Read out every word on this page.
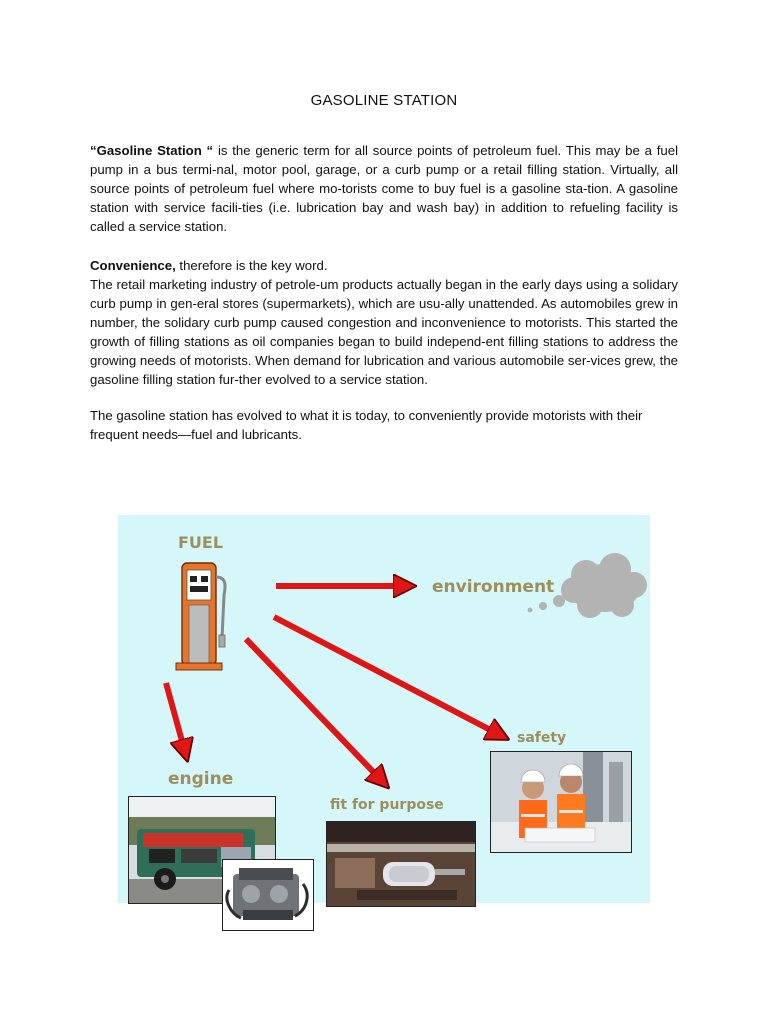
GASOLINE STATION

“Gasoline Station “ is the generic term for all source points of petroleum fuel. This may be a fuel pump in a bus termi-nal, motor pool, garage, or a curb pump or a retail filling station. Virtually, all source points of petroleum fuel where mo-torists come to buy fuel is a gasoline sta-tion. A gasoline station with service facili-ties (i.e. lubrication bay and wash bay) in addition to refueling facility is called a service station.

Convenience, therefore is the key word.

The retail marketing industry of petrole-um products actually began in the early days using a solidary curb pump in gen-eral stores (supermarkets), which are usu-ally unattended. As automobiles grew in number, the solidary curb pump caused congestion and inconvenience to motorists. This started the growth of filling stations as oil companies began to build independ-ent filling stations to address the growing needs of motorists. When demand for lubrication and various automobile ser-vices grew, the gasoline filling station fur-ther evolved to a service station.

The gasoline station has evolved to what it is today, to conveniently provide motorists with their frequent needs—fuel and lubricants.

FUEL
environment
engine
fit for purpose
safety
